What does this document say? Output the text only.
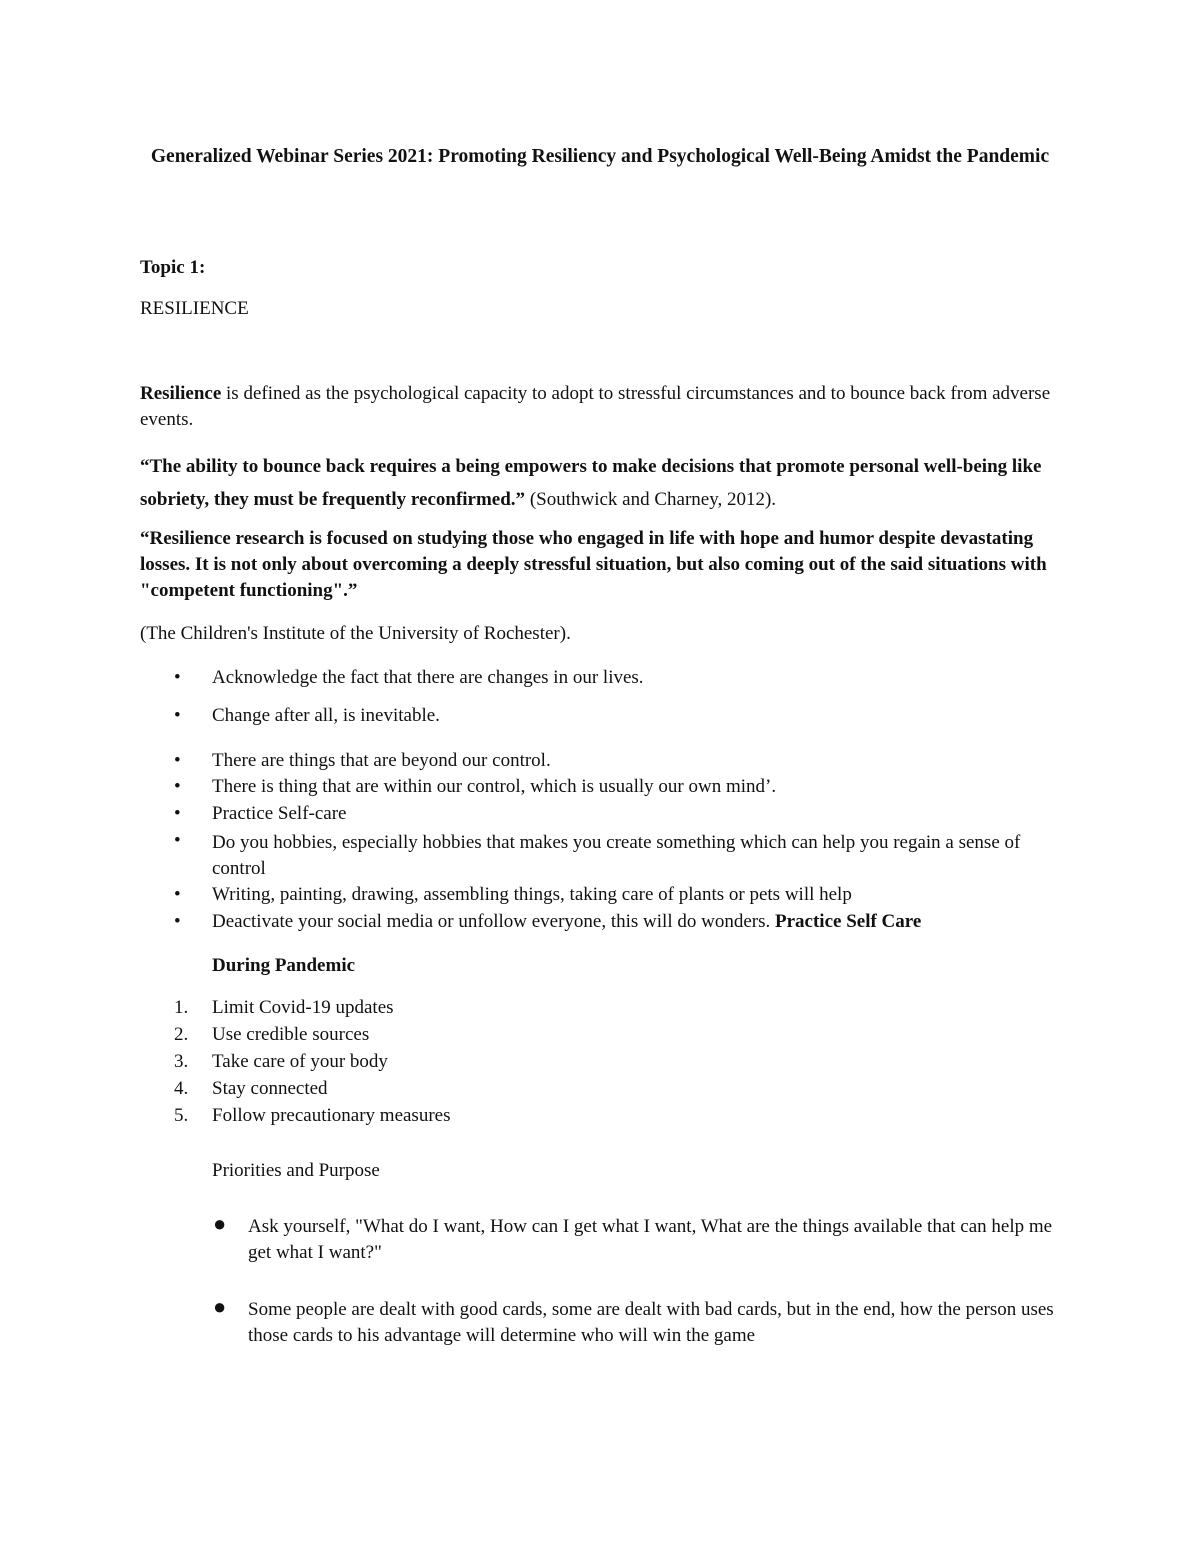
Generalized Webinar Series 2021: Promoting Resiliency and Psychological Well-Being Amidst the Pandemic
Topic 1:
RESILIENCE
Resilience is defined as the psychological capacity to adopt to stressful circumstances and to bounce back from adverse events.
“The ability to bounce back requires a being empowers to make decisions that promote personal well-being like sobriety, they must be frequently reconfirmed.” (Southwick and Charney, 2012).
“Resilience research is focused on studying those who engaged in life with hope and humor despite devastating losses. It is not only about overcoming a deeply stressful situation, but also coming out of the said situations with "competent functioning".”
(The Children's Institute of the University of Rochester).
• Acknowledge the fact that there are changes in our lives.
• Change after all, is inevitable.
• There are things that are beyond our control.
• There is thing that are within our control, which is usually our own mind’.
• Practice Self-care
• Do you hobbies, especially hobbies that makes you create something which can help you regain a sense of control
• Writing, painting, drawing, assembling things, taking care of plants or pets will help
• Deactivate your social media or unfollow everyone, this will do wonders. Practice Self Care
During Pandemic
1. Limit Covid-19 updates
2. Use credible sources
3. Take care of your body
4. Stay connected
5. Follow precautionary measures
Priorities and Purpose
● Ask yourself, "What do I want, How can I get what I want, What are the things available that can help me get what I want?"
● Some people are dealt with good cards, some are dealt with bad cards, but in the end, how the person uses those cards to his advantage will determine who will win the game
